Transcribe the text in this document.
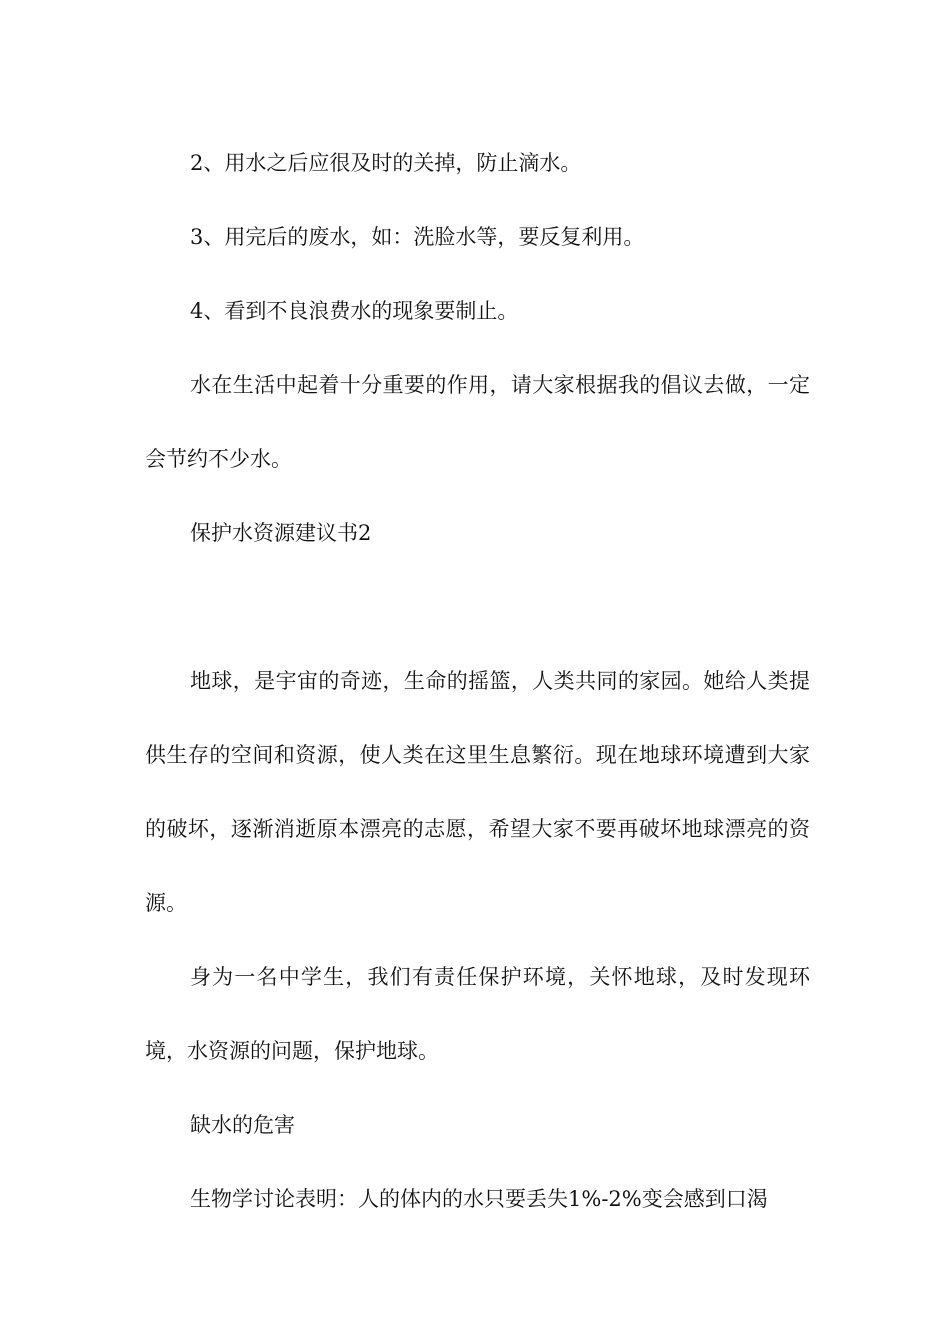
2、用水之后应很及时的关掉，防止滴水。

3、用完后的废水，如：洗脸水等，要反复利用。

4、看到不良浪费水的现象要制止。

水在生活中起着十分重要的作用，请大家根据我的倡议去做，一定会节约不少水。

保护水资源建议书2

地球，是宇宙的奇迹，生命的摇篮，人类共同的家园。她给人类提供生存的空间和资源，使人类在这里生息繁衍。现在地球环境遭到大家的破坏，逐渐消逝原本漂亮的志愿，希望大家不要再破坏地球漂亮的资源。

身为一名中学生，我们有责任保护环境，关怀地球，及时发现环境，水资源的问题，保护地球。

缺水的危害

生物学讨论表明：人的体内的水只要丢失1%-2%变会感到口渴
